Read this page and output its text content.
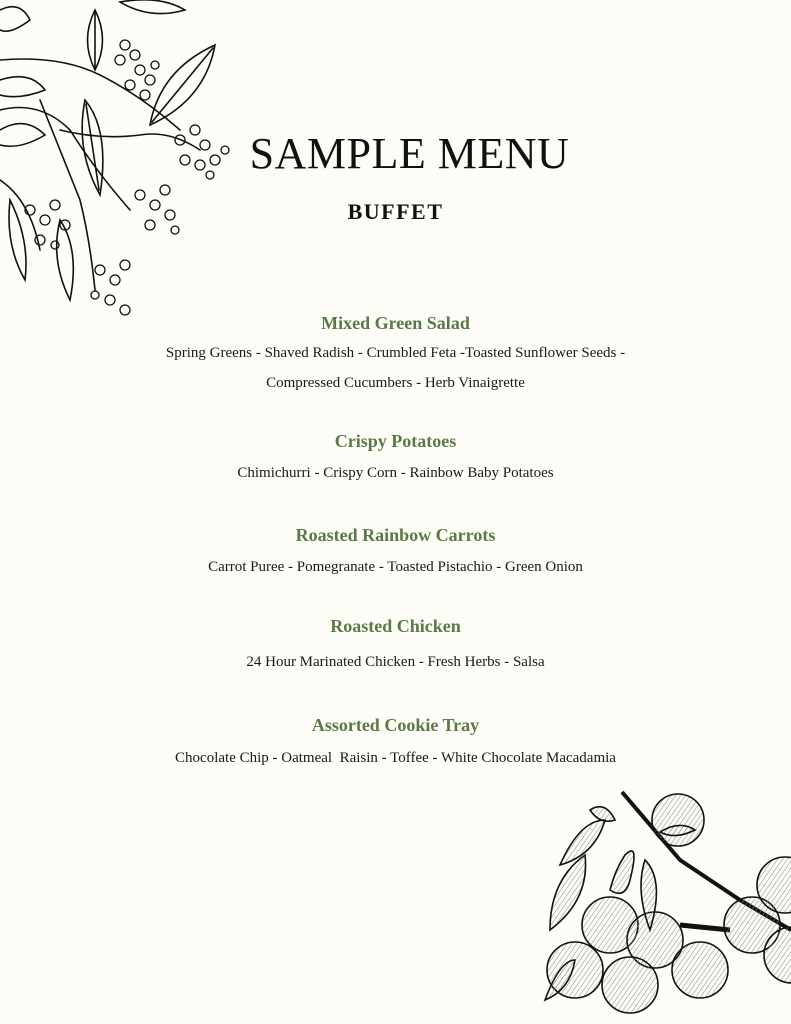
SAMPLE MENU
BUFFET
Mixed Green Salad

Spring Greens - Shaved Radish - Crumbled Feta -Toasted Sunflower Seeds -

Compressed Cucumbers - Herb Vinaigrette

Crispy Potatoes

Chimichurri - Crispy Corn - Rainbow Baby Potatoes

Roasted Rainbow Carrots

Carrot Puree - Pomegranate - Toasted Pistachio - Green Onion

Roasted Chicken

24 Hour Marinated Chicken - Fresh Herbs - Salsa

Assorted Cookie Tray

Chocolate Chip - Oatmeal  Raisin - Toffee - White Chocolate Macadamia
